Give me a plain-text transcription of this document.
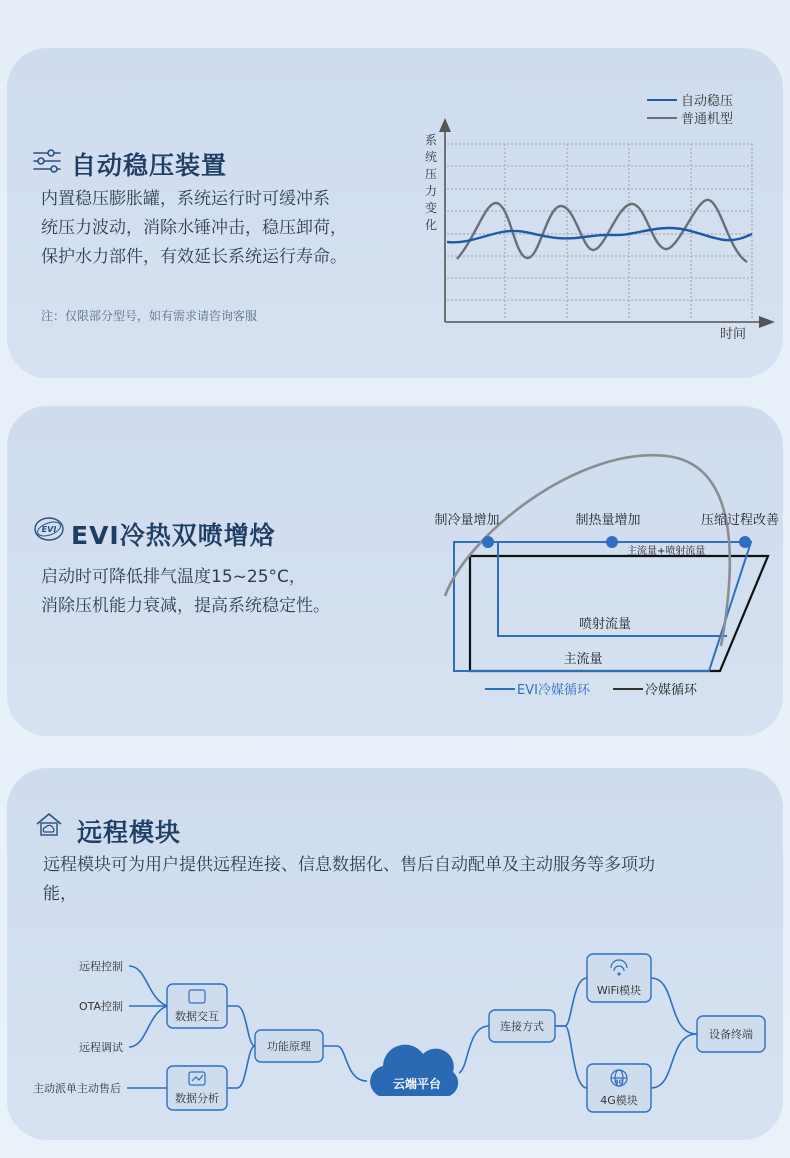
自动稳压装置
内置稳压膨胀罐，系统运行时可缓冲系
统压力波动，消除水锤冲击，稳压卸荷，
保护水力部件，有效延长系统运行寿命。
注：仅限部分型号，如有需求请咨询客服
自动稳压
普通机型
系
统
压
力
变
化
时间
EVI EVI冷热双喷增焓
启动时可降低排气温度15~25°C，
消除压机能力衰减，提高系统稳定性。
制冷量增加	制热量增加	压缩过程改善
主流量+喷射流量
喷射流量
主流量
EVI冷媒循环	冷媒循环
远程模块
远程模块可为用户提供远程连接、信息数据化、售后自动配单及主动服务等多项功
能，
4G
远程控制
OTA控制
远程调试
主动派单主动售后
数据交互
数据分析
功能原理
连接方式
WiFi模块
4G模块
设备终端
云端平台
